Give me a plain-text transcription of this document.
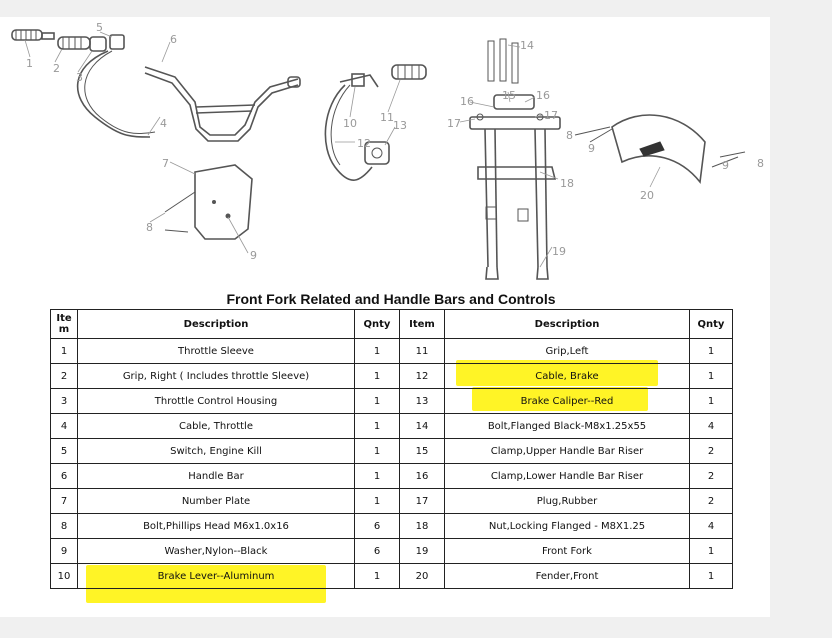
1 2
3
5
4
6
7
8
9
10 11
12
13
14
15
16	16
17
17
18
19
8
9
20
9	8
Front Fork Related and Handle Bars and Controls
Ite m	Description	Qnty	Item	Description	Qnty
1	Throttle Sleeve	1	11	Grip,Left	1
2	Grip, Right ( Includes throttle Sleeve)	1	12	Cable, Brake	1
3	Throttle Control Housing	1	13	Brake Caliper--Red	1
4	Cable, Throttle	1	14	Bolt,Flanged Black-M8x1.25x55	4
5	Switch, Engine Kill	1	15	Clamp,Upper Handle Bar Riser	2
6	Handle Bar	1	16	Clamp,Lower Handle Bar Riser	2
7	Number Plate	1	17	Plug,Rubber	2
8	Bolt,Phillips Head M6x1.0x16	6	18	Nut,Locking Flanged - M8X1.25	4
9	Washer,Nylon--Black	6	19	Front Fork	1
10	Brake Lever--Aluminum	1	20	Fender,Front	1
